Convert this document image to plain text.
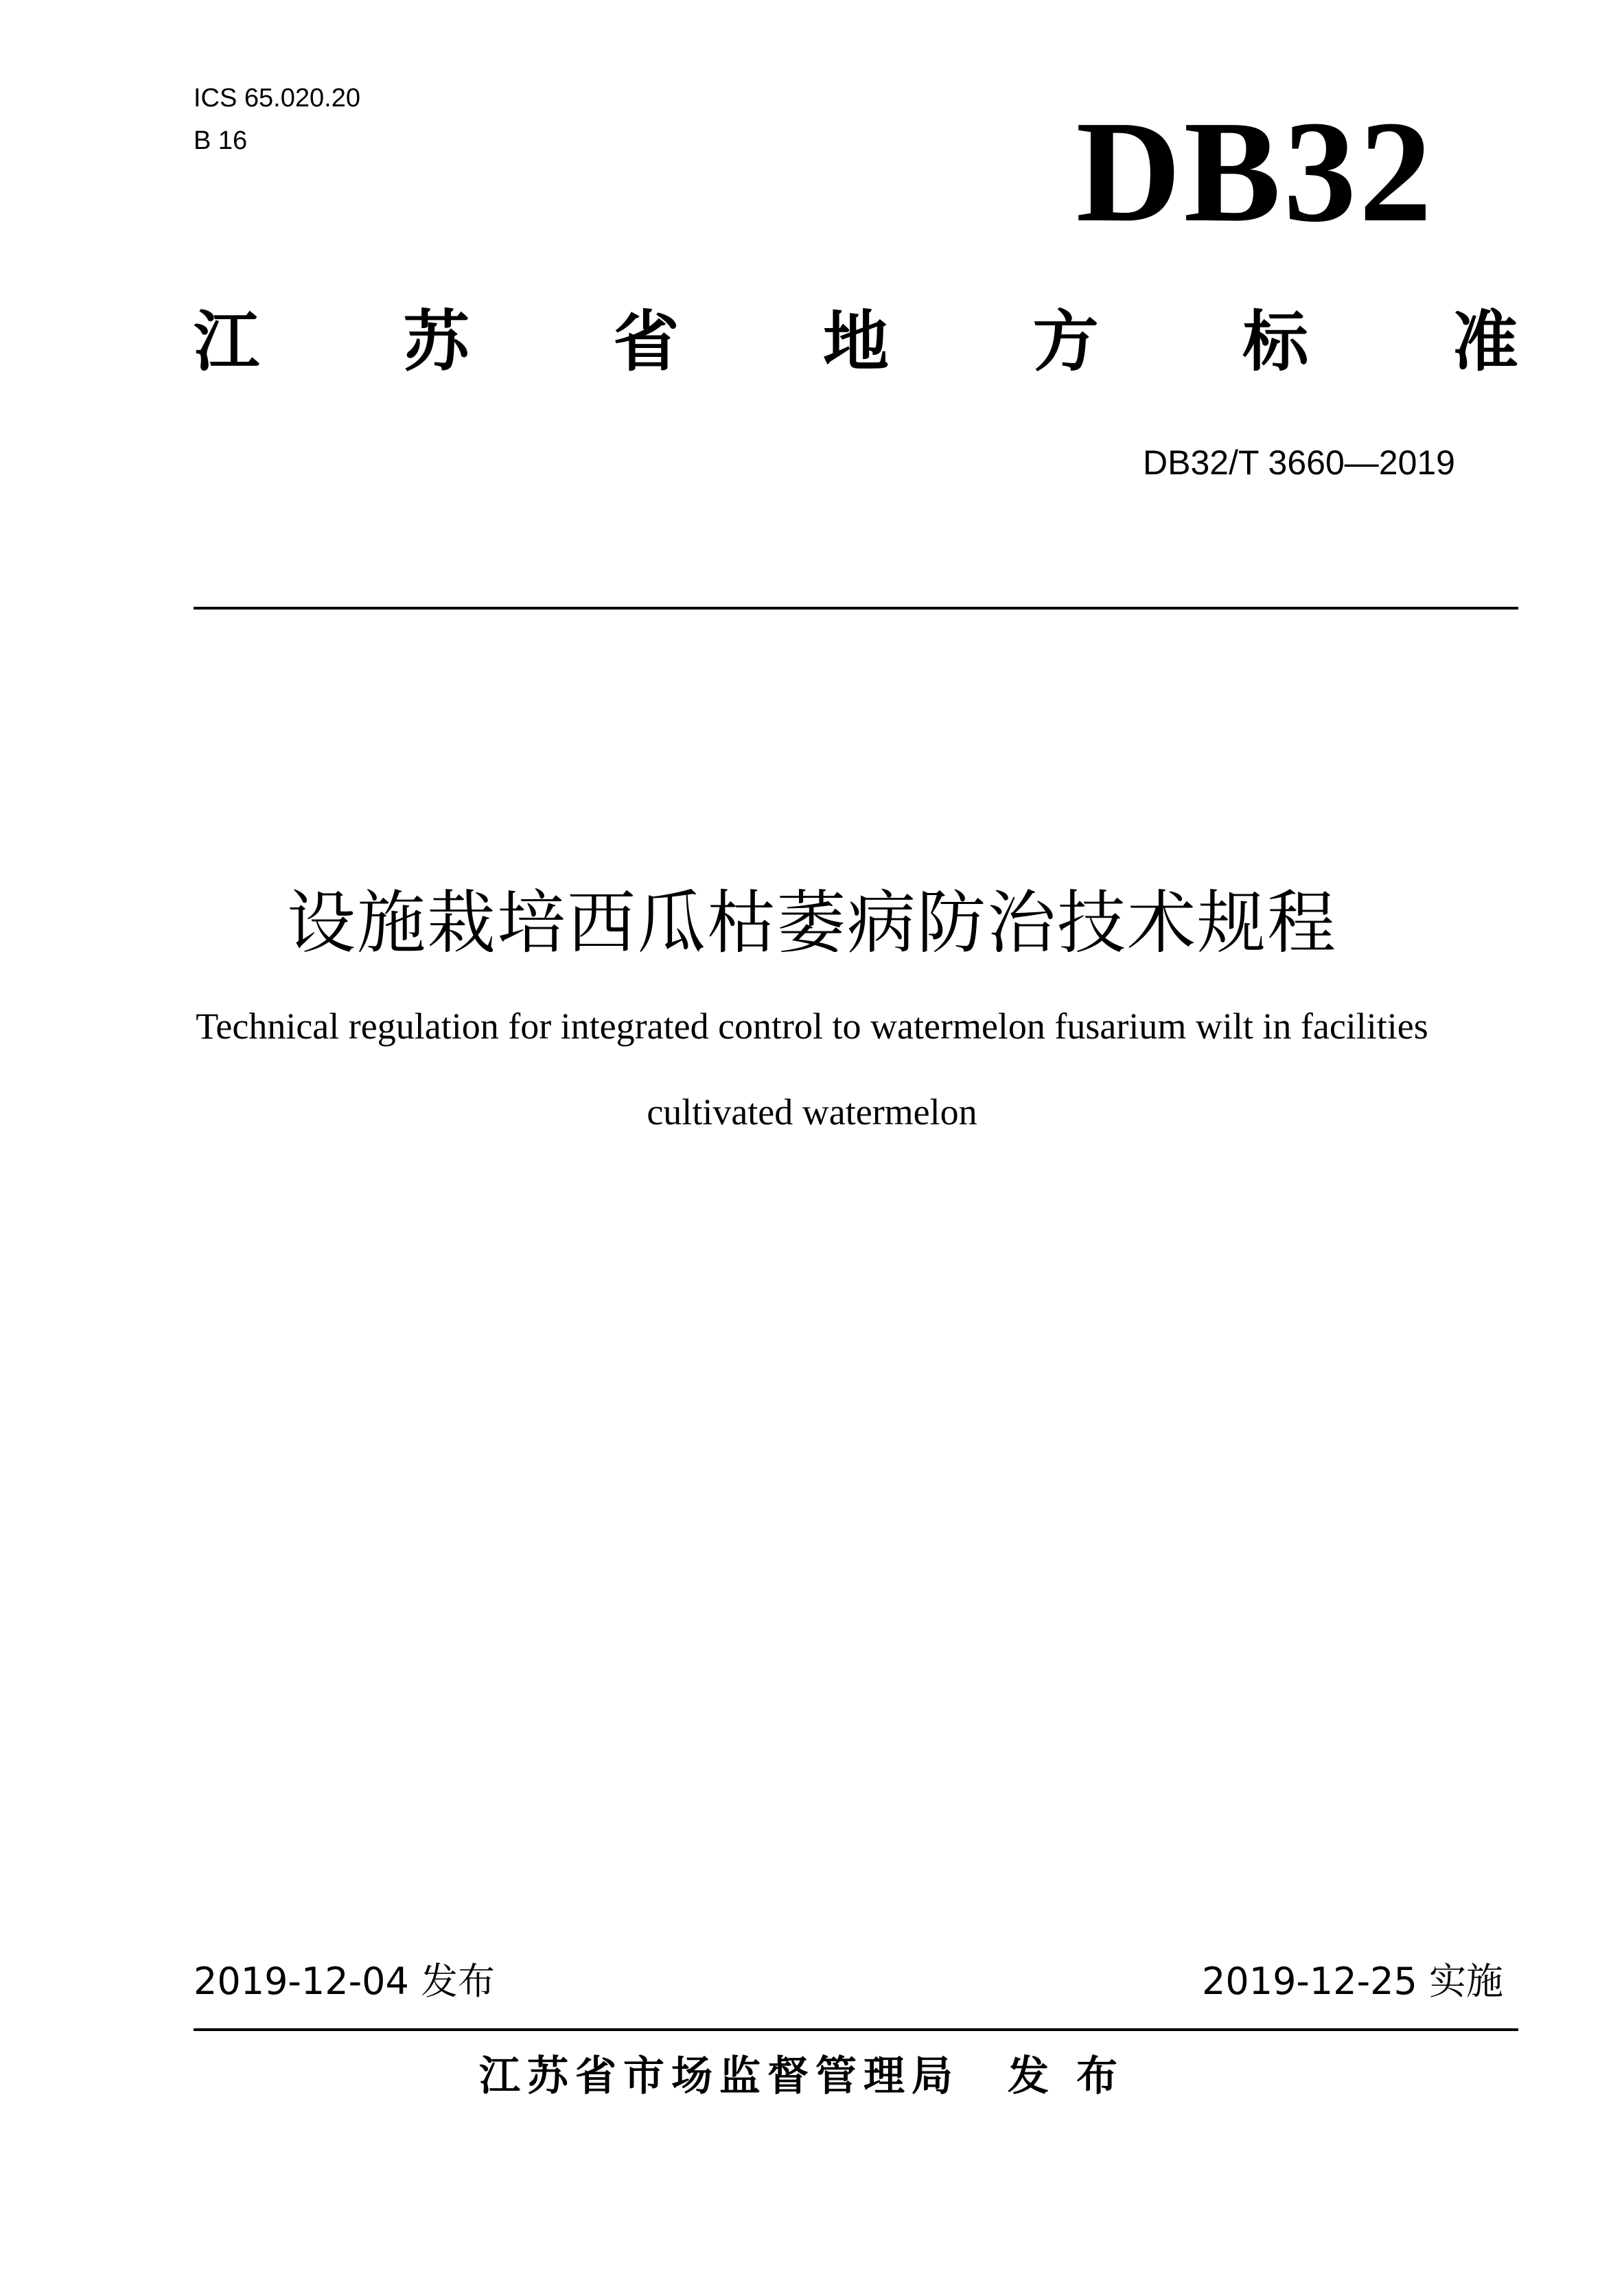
ICS 65.020.20
B 16	DB32
江 苏 省 地 方 标 准
DB32/T 3660—2019
设施栽培西瓜枯萎病防治技术规程
Technical regulation for integrated control to watermelon fusarium wilt in facilities
cultivated watermelon
2019-12-04 发布	2019-12-25 实施
江苏省市场监督管理局 发布
